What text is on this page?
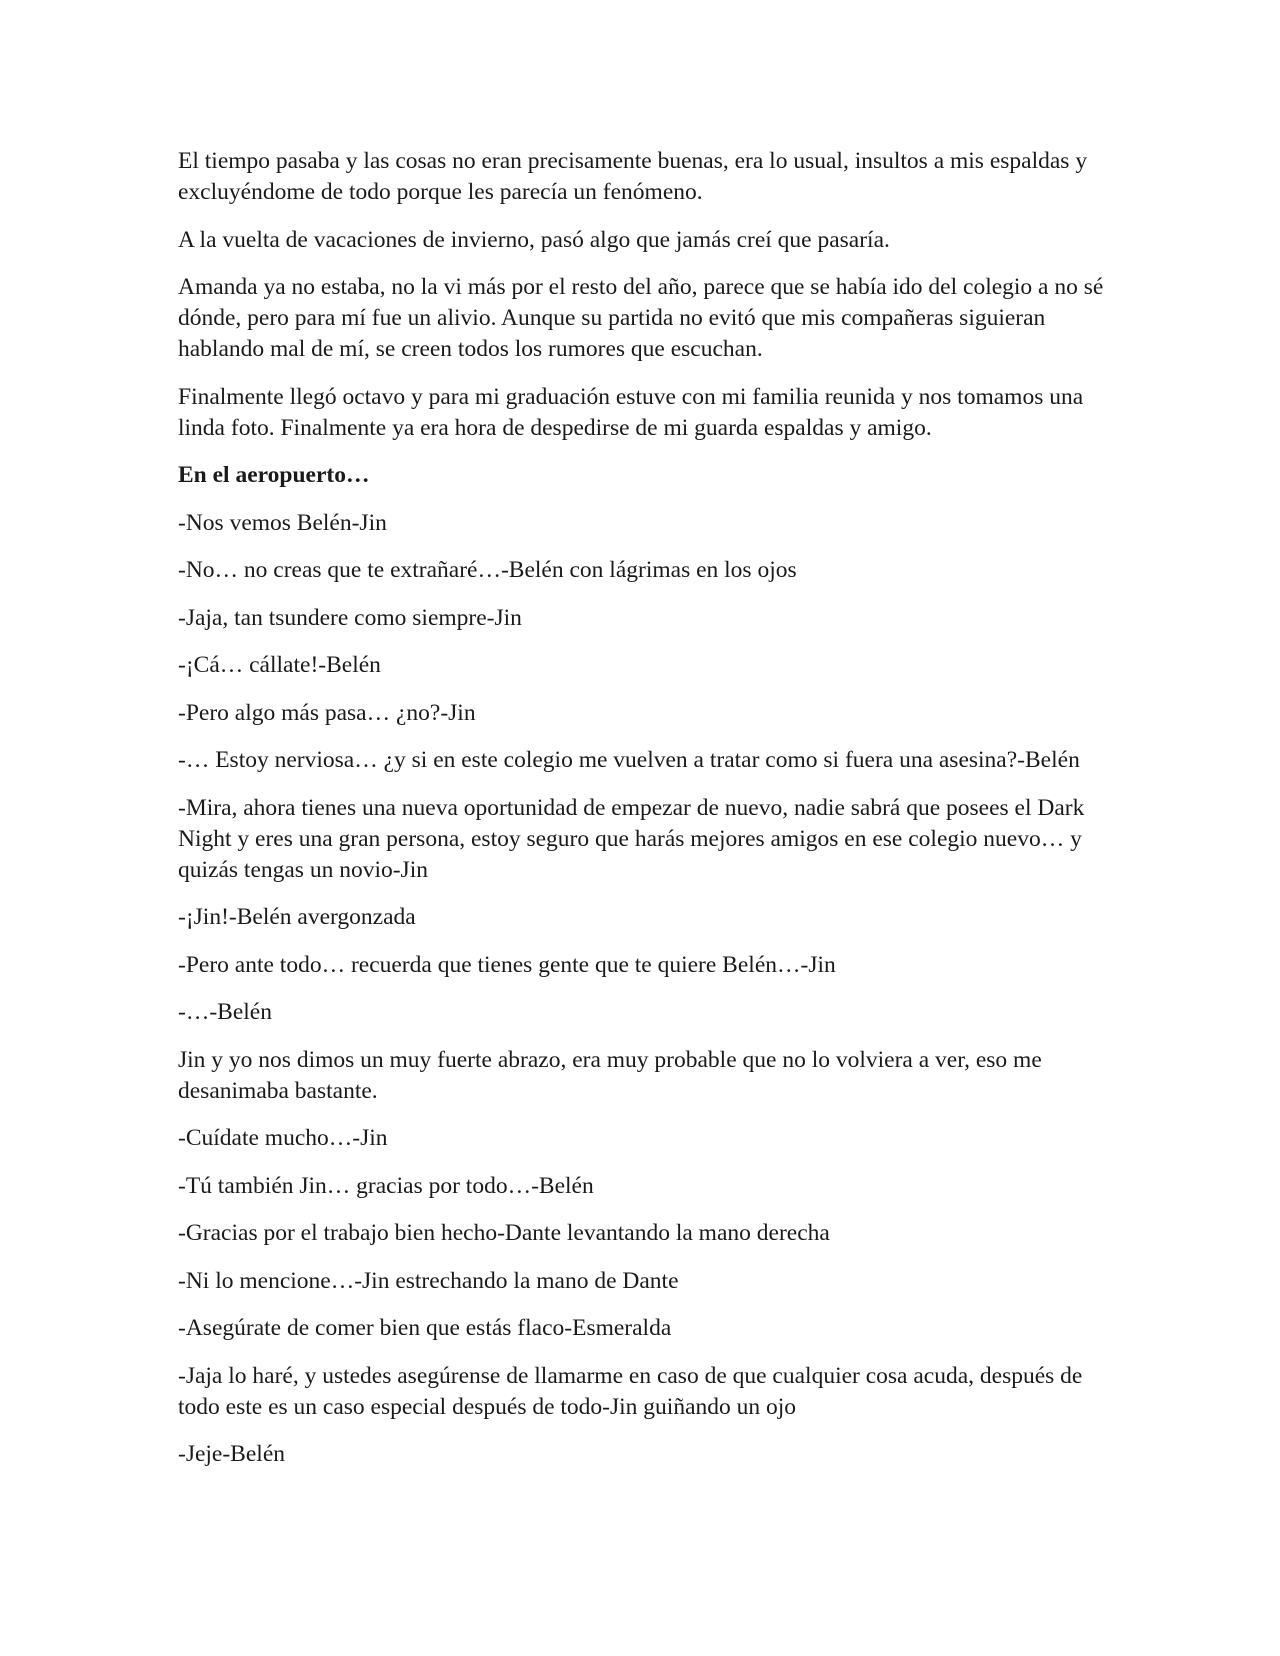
El tiempo pasaba y las cosas no eran precisamente buenas, era lo usual, insultos a mis espaldas y excluyéndome de todo porque les parecía un fenómeno.

A la vuelta de vacaciones de invierno, pasó algo que jamás creí que pasaría.

Amanda ya no estaba, no la vi más por el resto del año, parece que se había ido del colegio a no sé dónde, pero para mí fue un alivio. Aunque su partida no evitó que mis compañeras siguieran hablando mal de mí, se creen todos los rumores que escuchan.

Finalmente llegó octavo y para mi graduación estuve con mi familia reunida y nos tomamos una linda foto. Finalmente ya era hora de despedirse de mi guarda espaldas y amigo.

En el aeropuerto…

-Nos vemos Belén-Jin

-No… no creas que te extrañaré…-Belén con lágrimas en los ojos

-Jaja, tan tsundere como siempre-Jin

-¡Cá… cállate!-Belén

-Pero algo más pasa… ¿no?-Jin

-… Estoy nerviosa… ¿y si en este colegio me vuelven a tratar como si fuera una asesina?-Belén

-Mira, ahora tienes una nueva oportunidad de empezar de nuevo, nadie sabrá que posees el Dark Night y eres una gran persona, estoy seguro que harás mejores amigos en ese colegio nuevo… y quizás tengas un novio-Jin

-¡Jin!-Belén avergonzada

-Pero ante todo… recuerda que tienes gente que te quiere Belén…-Jin

-…-Belén

Jin y yo nos dimos un muy fuerte abrazo, era muy probable que no lo volviera a ver, eso me desanimaba bastante.

-Cuídate mucho…-Jin

-Tú también Jin… gracias por todo…-Belén

-Gracias por el trabajo bien hecho-Dante levantando la mano derecha

-Ni lo mencione…-Jin estrechando la mano de Dante

-Asegúrate de comer bien que estás flaco-Esmeralda

-Jaja lo haré, y ustedes asegúrense de llamarme en caso de que cualquier cosa acuda, después de todo este es un caso especial después de todo-Jin guiñando un ojo

-Jeje-Belén
